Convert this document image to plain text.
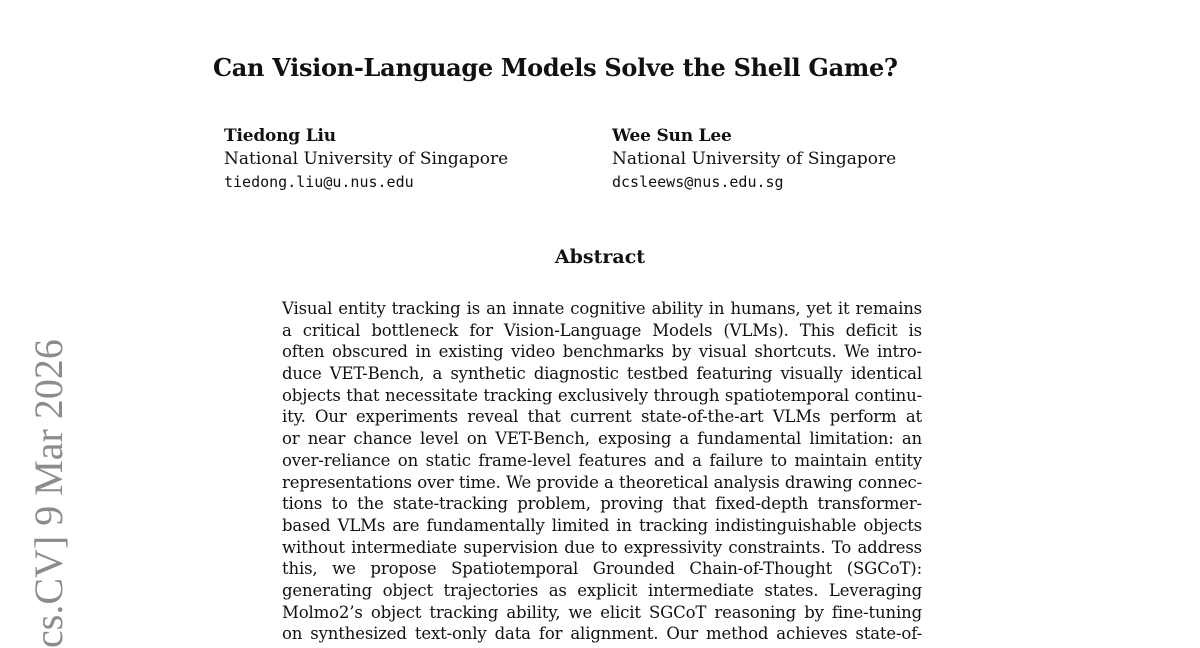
cs.CV] 9 Mar 2026
Can Vision-Language Models Solve the Shell Game?
Tiedong Liu
National University of Singapore
tiedong.liu@u.nus.edu
Wee Sun Lee
National University of Singapore
dcsleews@nus.edu.sg
Abstract
Visual entity tracking is an innate cognitive ability in humans, yet it remains
a critical bottleneck for Vision-Language Models (VLMs). This deficit is
often obscured in existing video benchmarks by visual shortcuts. We intro-
duce VET-Bench, a synthetic diagnostic testbed featuring visually identical
objects that necessitate tracking exclusively through spatiotemporal continu-
ity. Our experiments reveal that current state-of-the-art VLMs perform at
or near chance level on VET-Bench, exposing a fundamental limitation: an
over-reliance on static frame-level features and a failure to maintain entity
representations over time. We provide a theoretical analysis drawing connec-
tions to the state-tracking problem, proving that fixed-depth transformer-
based VLMs are fundamentally limited in tracking indistinguishable objects
without intermediate supervision due to expressivity constraints. To address
this, we propose Spatiotemporal Grounded Chain-of-Thought (SGCoT):
generating object trajectories as explicit intermediate states. Leveraging
Molmo2’s object tracking ability, we elicit SGCoT reasoning by fine-tuning
on synthesized text-only data for alignment. Our method achieves state-of-
